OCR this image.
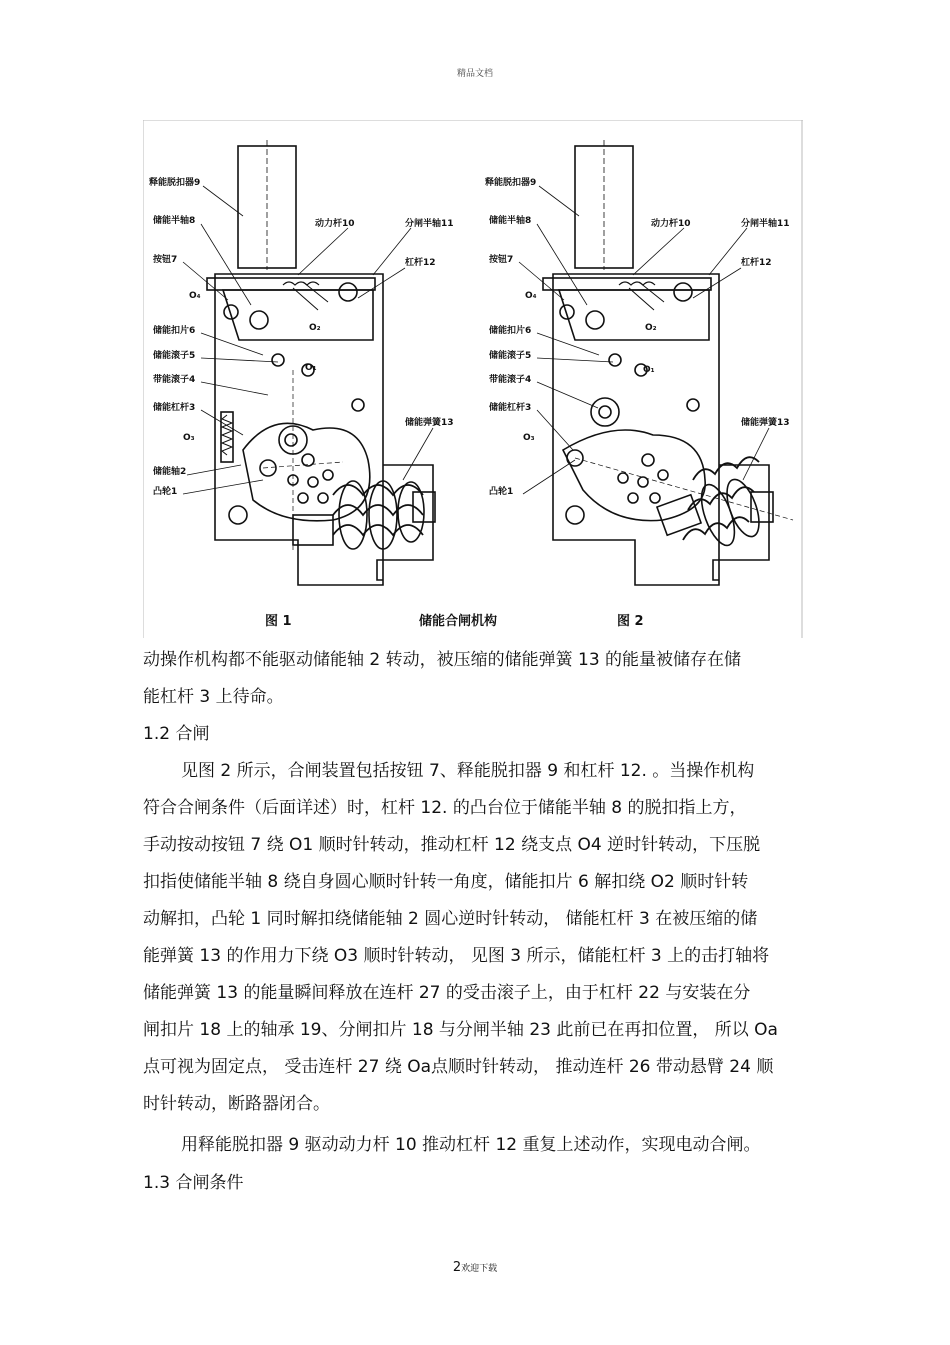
精品文档
释能脱扣器9
储能半轴8
按钮7
O₄
储能扣片6
储能滚子5
带能滚子4
储能杠杆3
O₃
储能轴2
凸轮1
动力杆10	分闸半轴11
杠杆12
O₂
O₁
储能弹簧13
释能脱扣器9
储能半轴8
按钮7
O₄
储能扣片6
储能滚子5
带能滚子4
储能杠杆3
O₃
凸轮1
动力杆10	分闸半轴11
杠杆12
O₂
O₁
储能弹簧13
图 1	储能合闸机构	图 2
动操作机构都不能驱动储能轴 2 转动，被压缩的储能弹簧 13 的能量被储存在储
能杠杆 3 上待命。
1.2 合闸
见图 2 所示，合闸装置包括按钮 7、释能脱扣器 9 和杠杆 12. 。当操作机构
符合合闸条件（后面详述）时，杠杆 12. 的凸台位于储能半轴 8 的脱扣指上方，
手动按动按钮 7 绕 O1 顺时针转动，推动杠杆 12 绕支点 O4 逆时针转动，下压脱
扣指使储能半轴 8 绕自身圆心顺时针转一角度，储能扣片 6 解扣绕 O2 顺时针转
动解扣，凸轮 1 同时解扣绕储能轴 2 圆心逆时针转动， 储能杠杆 3 在被压缩的储
能弹簧 13 的作用力下绕 O3 顺时针转动， 见图 3 所示，储能杠杆 3 上的击打轴将
储能弹簧 13 的能量瞬间释放在连杆 27 的受击滚子上，由于杠杆 22 与安装在分
闸扣片 18 上的轴承 19、分闸扣片 18 与分闸半轴 23 此前已在再扣位置， 所以 Oa
点可视为固定点， 受击连杆 27 绕 Oa点顺时针转动， 推动连杆 26 带动悬臂 24 顺
时针转动，断路器闭合。
用释能脱扣器 9 驱动动力杆 10 推动杠杆 12 重复上述动作，实现电动合闸。
1.3 合闸条件
2欢迎下载
